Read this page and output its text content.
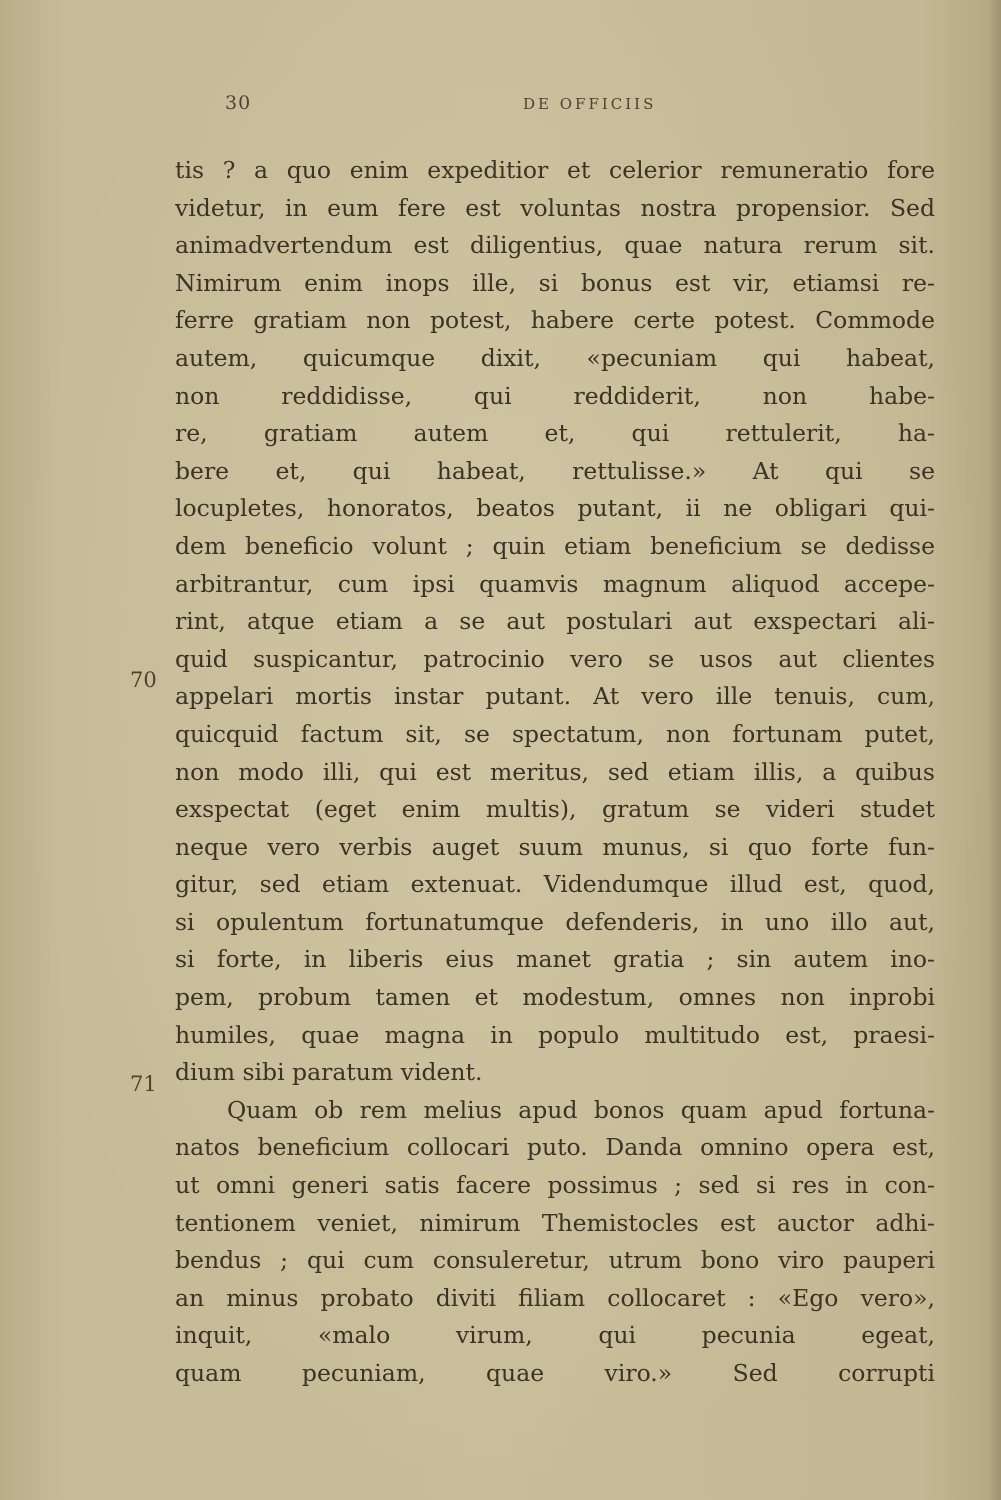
30	DE OFFICIIS
70
71
tis ? a quo enim expeditior et celerior remuneratio fore
videtur, in eum fere est voluntas nostra propensior. Sed
animadvertendum est diligentius, quae natura rerum sit.
Nimirum enim inops ille, si bonus est vir, etiamsi re-
ferre gratiam non potest, habere certe potest. Commode
autem, quicumque dixit, «pecuniam qui habeat,
non reddidisse, qui reddiderit, non habe-
re, gratiam autem et, qui rettulerit, ha-
bere et, qui habeat, rettulisse.» At qui se
locupletes, honoratos, beatos putant, ii ne obligari qui-
dem beneficio volunt ; quin etiam beneficium se dedisse
arbitrantur, cum ipsi quamvis magnum aliquod accepe-
rint, atque etiam a se aut postulari aut exspectari ali-
quid suspicantur, patrocinio vero se usos aut clientes
appelari mortis instar putant. At vero ille tenuis, cum,
quicquid factum sit, se spectatum, non fortunam putet,
non modo illi, qui est meritus, sed etiam illis, a quibus
exspectat (eget enim multis), gratum se videri studet
neque vero verbis auget suum munus, si quo forte fun-
gitur, sed etiam extenuat. Videndumque illud est, quod,
si opulentum fortunatumque defenderis, in uno illo aut,
si forte, in liberis eius manet gratia ; sin autem ino-
pem, probum tamen et modestum, omnes non inprobi
humiles, quae magna in populo multitudo est, praesi-
dium sibi paratum vident.
Quam ob rem melius apud bonos quam apud fortuna-
natos beneficium collocari puto. Danda omnino opera est,
ut omni generi satis facere possimus ; sed si res in con-
tentionem veniet, nimirum Themistocles est auctor adhi-
bendus ; qui cum consuleretur, utrum bono viro pauperi
an minus probato diviti filiam collocaret : «Ego vero»,
inquit, «malo virum, qui pecunia egeat,
quam pecuniam, quae viro.» Sed corrupti
